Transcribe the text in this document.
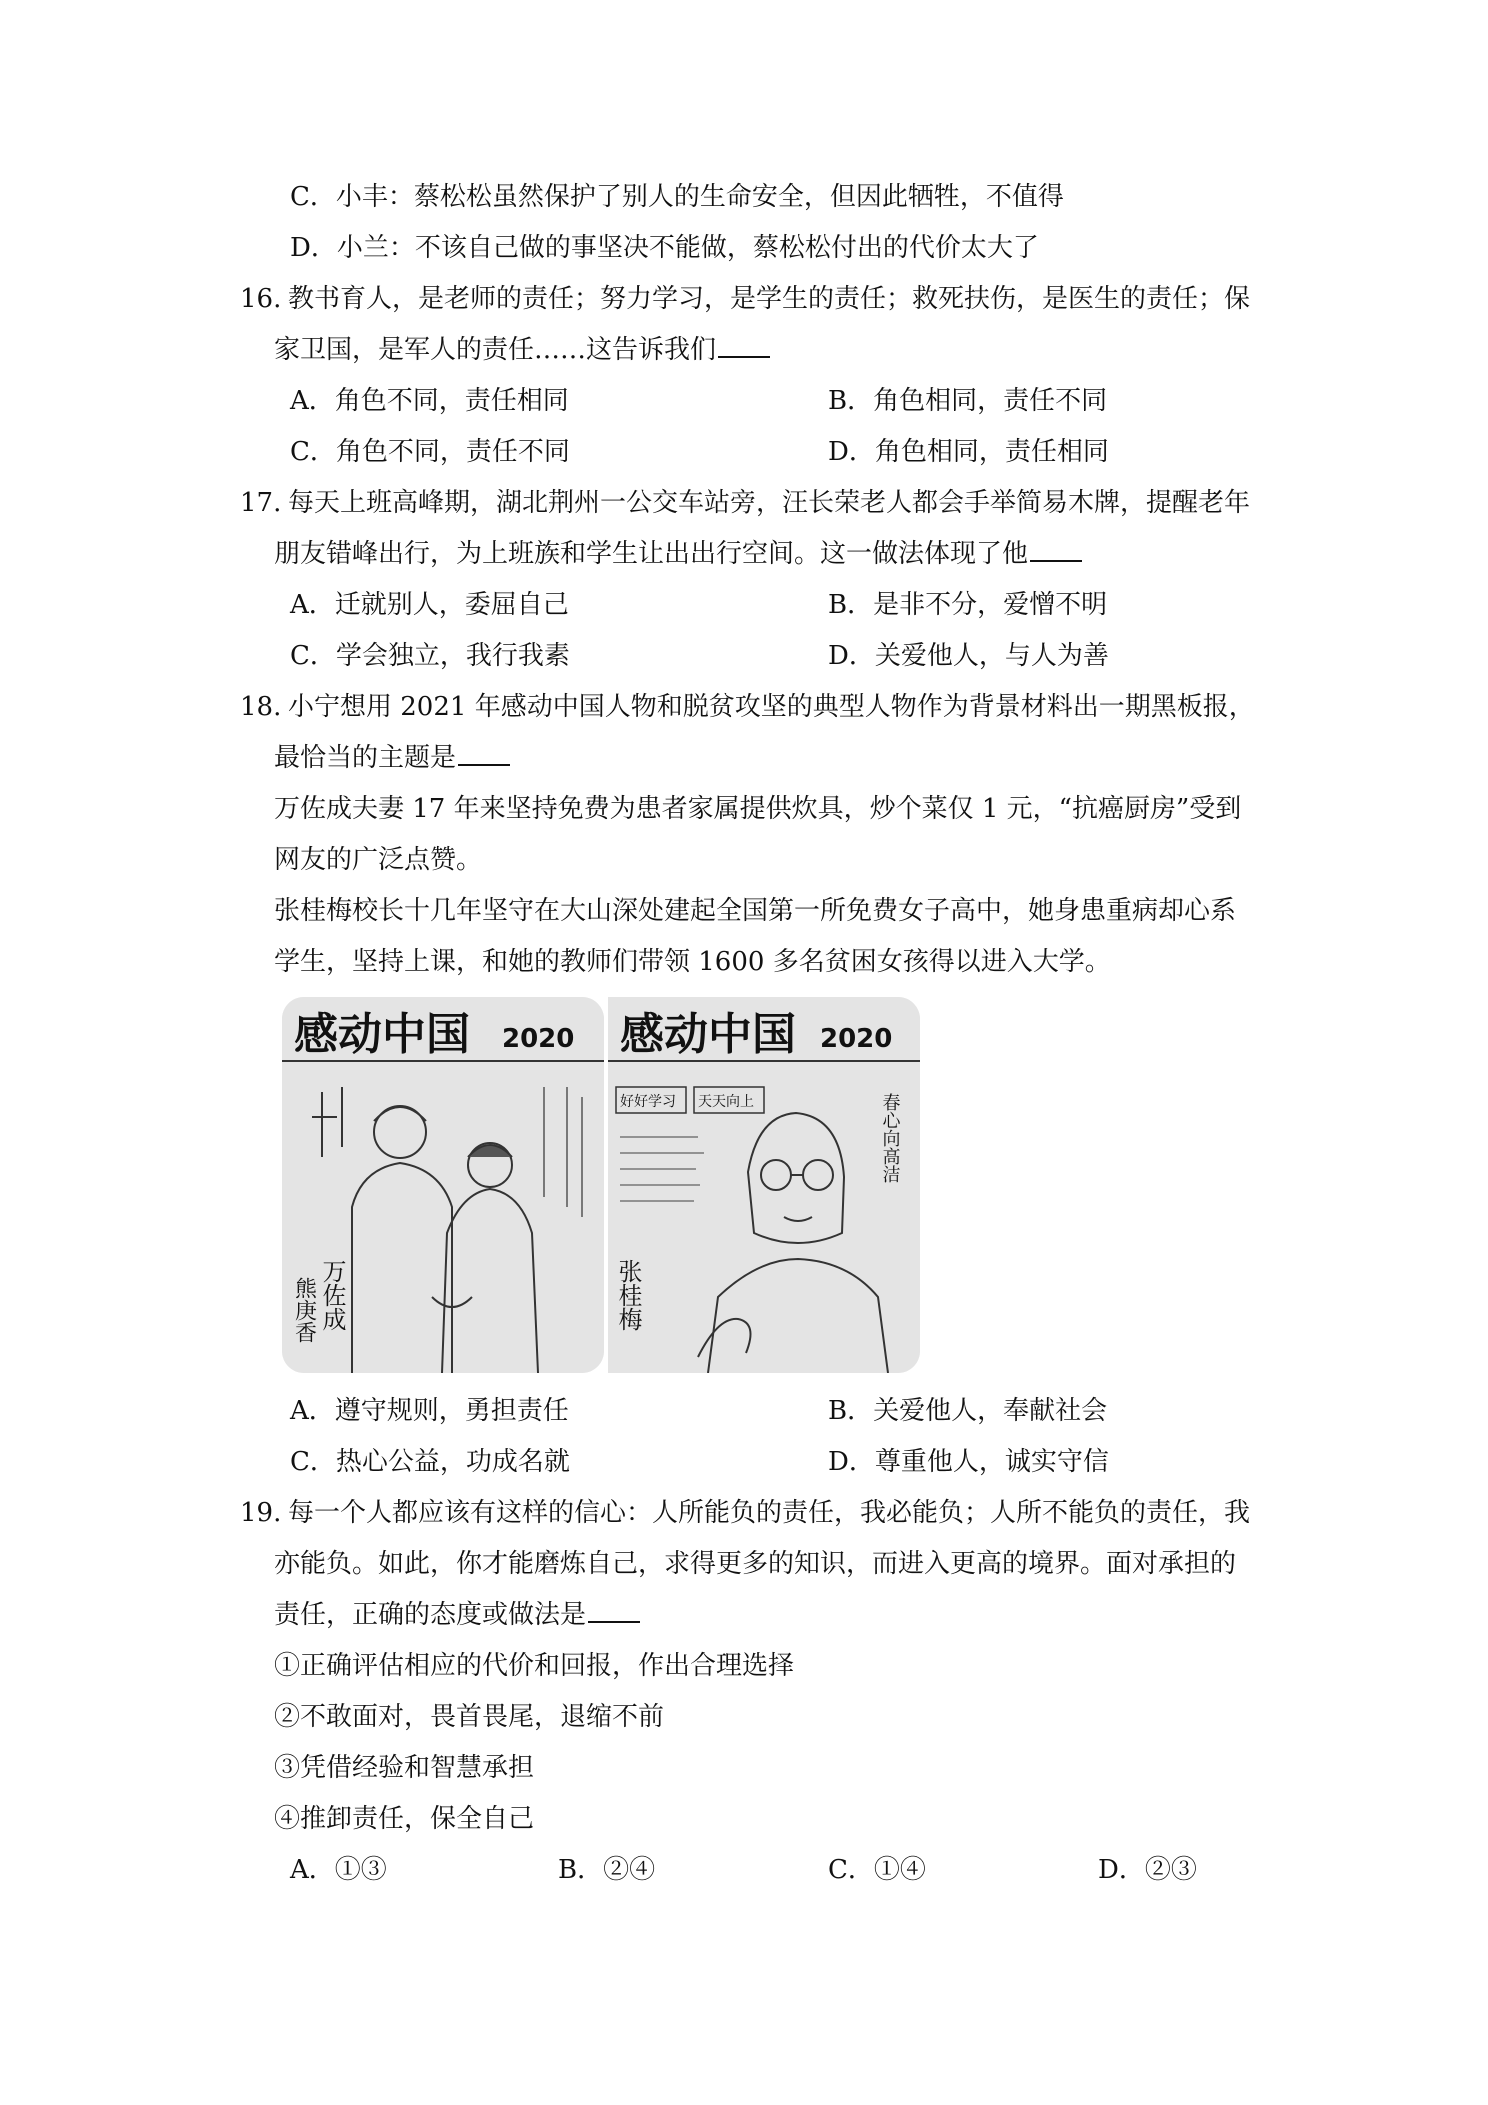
C．小丰：蔡松松虽然保护了别人的生命安全，但因此牺牲，不值得
D．小兰：不该自己做的事坚决不能做，蔡松松付出的代价太大了
16. 教书育人，是老师的责任；努力学习，是学生的责任；救死扶伤，是医生的责任；保
家卫国，是军人的责任……这告诉我们
A．角色不同，责任相同	B．角色相同，责任不同
C．角色不同，责任不同	D．角色相同，责任相同
17. 每天上班高峰期，湖北荆州一公交车站旁，汪长荣老人都会手举简易木牌，提醒老年
朋友错峰出行，为上班族和学生让出出行空间。这一做法体现了他
A．迁就别人，委屈自己	B．是非不分，爱憎不明
C．学会独立，我行我素	D．关爱他人，与人为善
18. 小宁想用 2021 年感动中国人物和脱贫攻坚的典型人物作为背景材料出一期黑板报，
最恰当的主题是
万佐成夫妻 17 年来坚持免费为患者家属提供炊具，炒个菜仅 1 元，“抗癌厨房”受到
网友的广泛点赞。
张桂梅校长十几年坚守在大山深处建起全国第一所免费女子高中，她身患重病却心系
学生，坚持上课，和她的教师们带领 1600 多名贫困女孩得以进入大学。
感动中国 2020
万佐成
熊庚香
感动中国 2020
好好学习 天天向上
张桂梅
春心向高洁
A．遵守规则，勇担责任	B．关爱他人，奉献社会
C．热心公益，功成名就	D．尊重他人，诚实守信
19. 每一个人都应该有这样的信心：人所能负的责任，我必能负；人所不能负的责任，我
亦能负。如此，你才能磨炼自己，求得更多的知识，而进入更高的境界。面对承担的
责任，正确的态度或做法是
①正确评估相应的代价和回报，作出合理选择
②不敢面对，畏首畏尾，退缩不前
③凭借经验和智慧承担
④推卸责任，保全自己
A．①③	B．②④	C．①④	D．②③
